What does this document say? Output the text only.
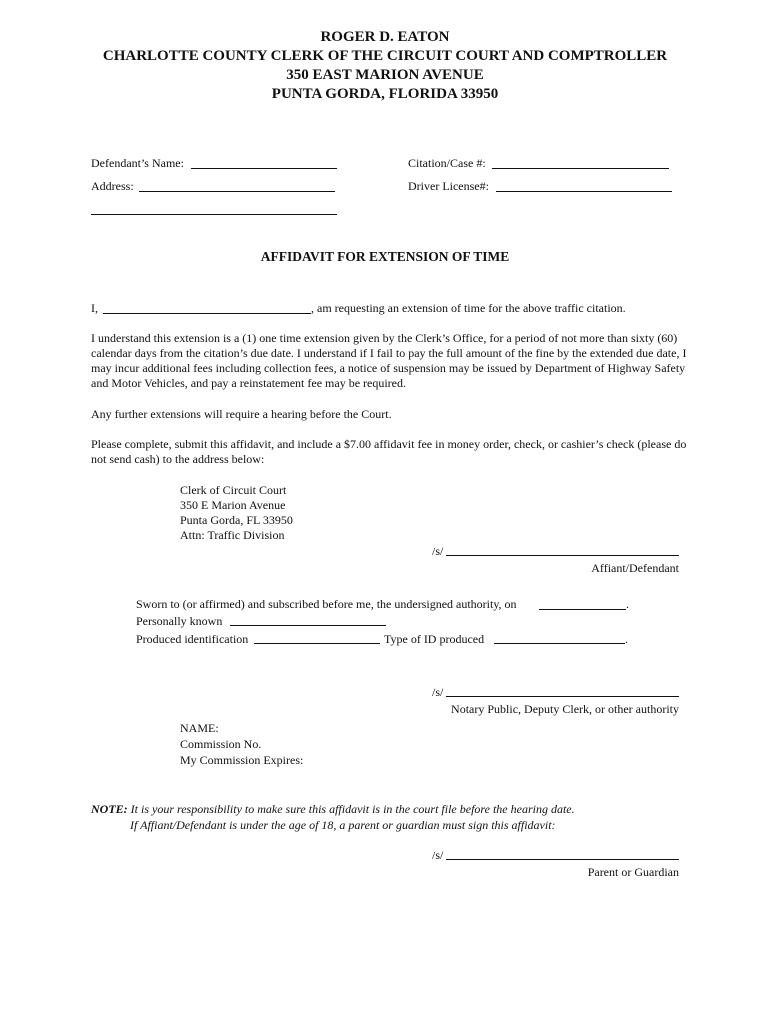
ROGER D. EATON
CHARLOTTE COUNTY CLERK OF THE CIRCUIT COURT AND COMPTROLLER
350 EAST MARION AVENUE
PUNTA GORDA, FLORIDA 33950
Defendant’s Name:
Address:
Citation/Case #:
Driver License#:
AFFIDAVIT FOR EXTENSION OF TIME
I,	, am requesting an extension of time for the above traffic citation.
I understand this extension is a (1) one time extension given by the Clerk’s Office, for a period of not more than sixty (60) calendar days from the citation’s due date. I understand if I fail to pay the full amount of the fine by the extended due date, I may incur additional fees including collection fees, a notice of suspension may be issued by Department of Highway Safety and Motor Vehicles, and pay a reinstatement fee may be required.
Any further extensions will require a hearing before the Court.
Please complete, submit this affidavit, and include a $7.00 affidavit fee in money order, check, or cashier’s check (please do not send cash) to the address below:
Clerk of Circuit Court
350 E Marion Avenue
Punta Gorda, FL 33950
Attn: Traffic Division
/s/
Affiant/Defendant
Sworn to (or affirmed) and subscribed before me, the undersigned authority, on	.
Personally known
Produced identification	Type of ID produced	.
/s/
Notary Public, Deputy Clerk, or other authority
NAME:
Commission No.
My Commission Expires:
NOTE: It is your responsibility to make sure this affidavit is in the court file before the hearing date.
If Affiant/Defendant is under the age of 18, a parent or guardian must sign this affidavit:
/s/
Parent or Guardian
